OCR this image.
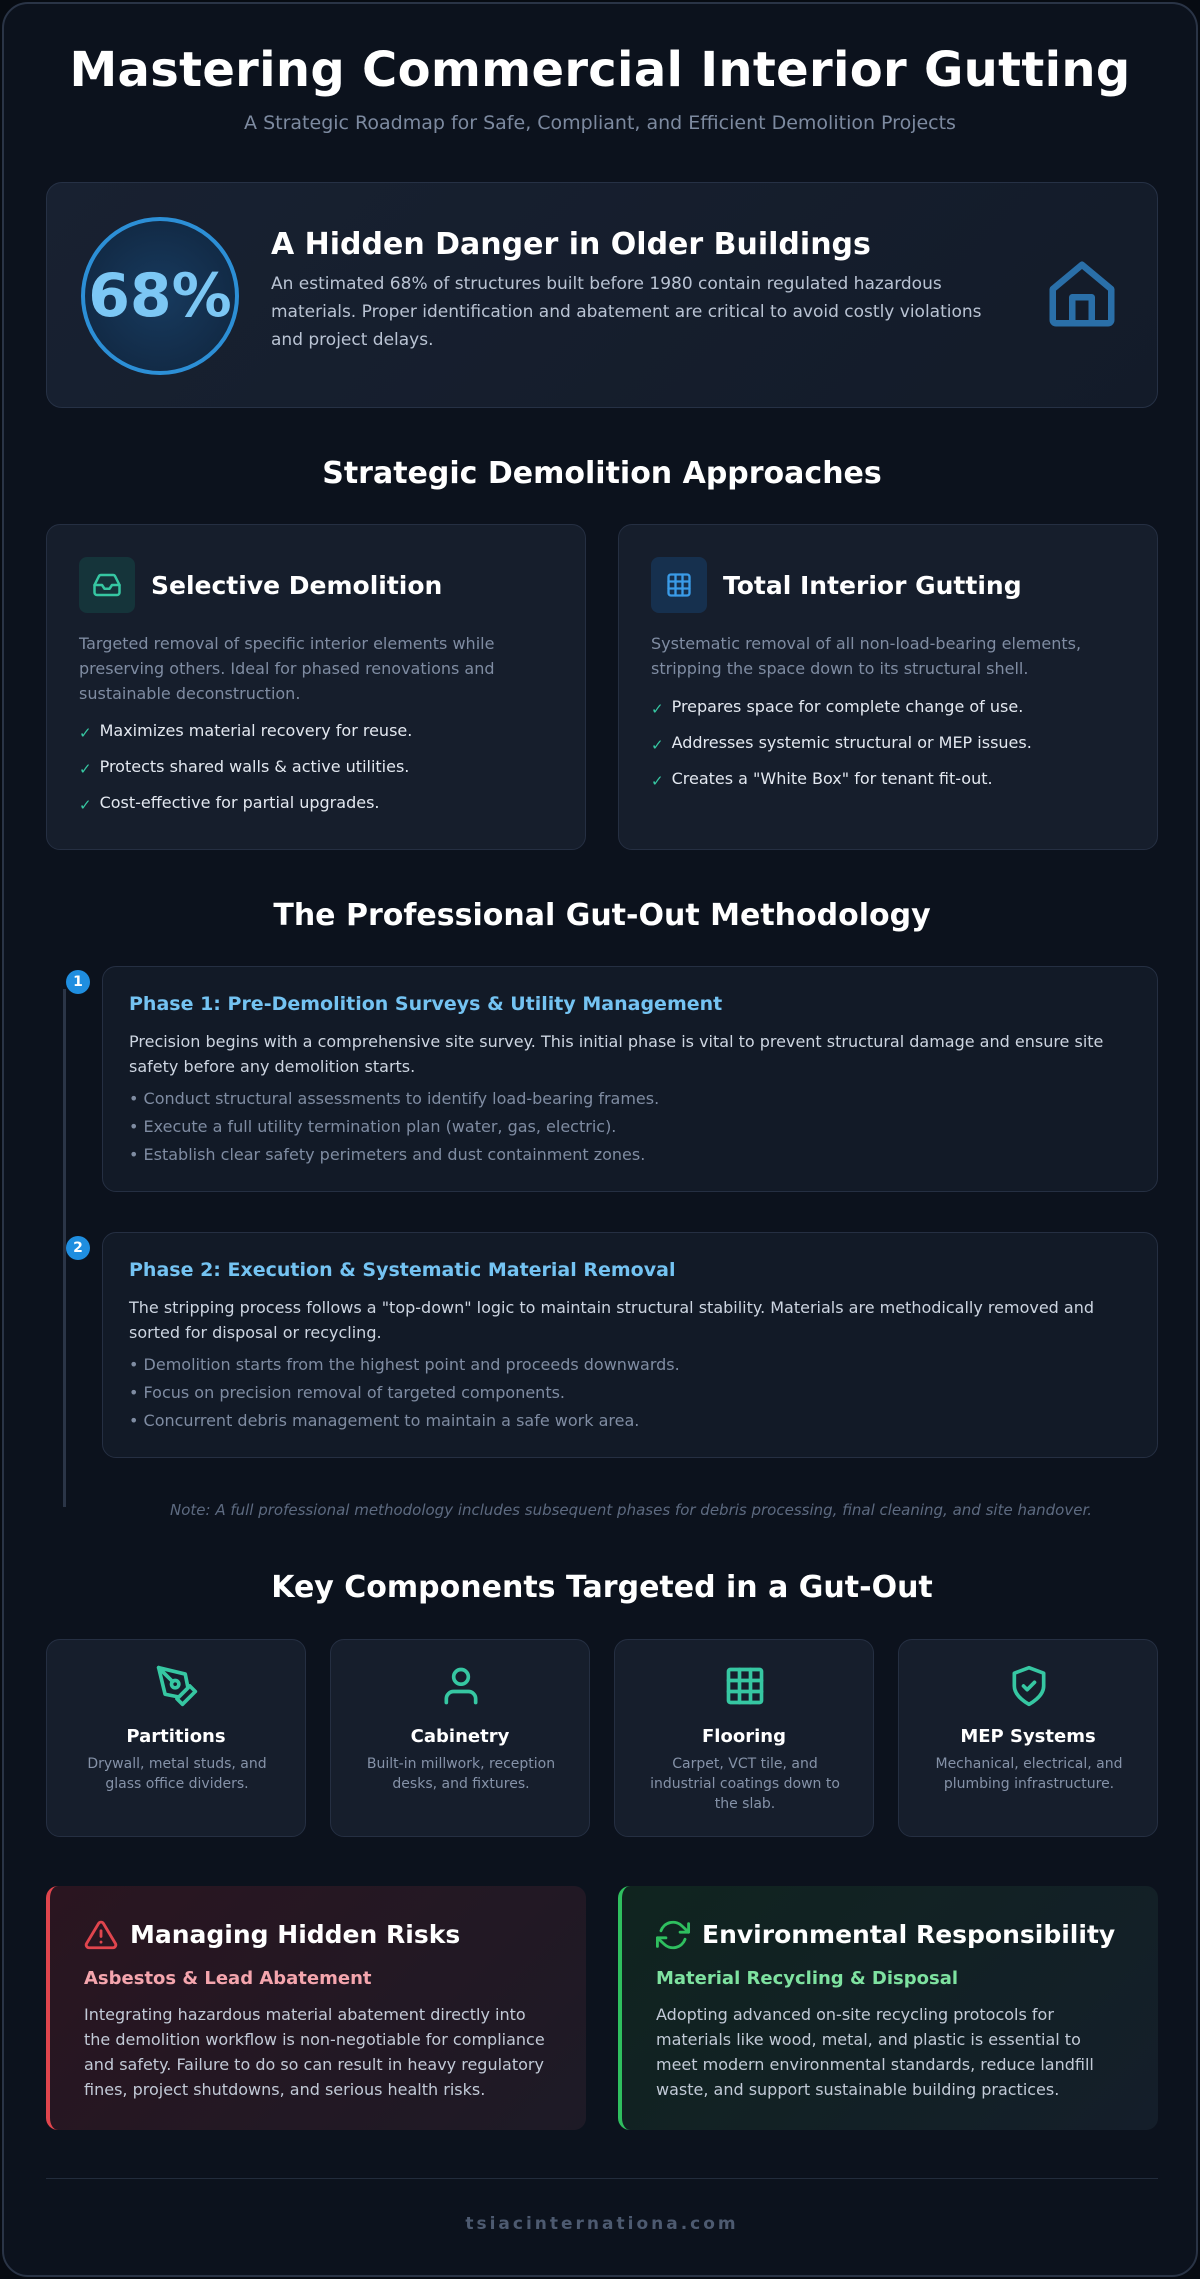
Mastering Commercial Interior Gutting
A Strategic Roadmap for Safe, Compliant, and Efficient Demolition Projects
68%
A Hidden Danger in Older Buildings
An estimated 68% of structures built before 1980 contain regulated hazardous materials. Proper identification and abatement are critical to avoid costly violations and project delays.
Strategic Demolition Approaches
Selective Demolition
Targeted removal of specific interior elements while preserving others. Ideal for phased renovations and sustainable deconstruction.
✓ Maximizes material recovery for reuse.
✓ Protects shared walls & active utilities.
✓ Cost-effective for partial upgrades.
Total Interior Gutting
Systematic removal of all non-load-bearing elements, stripping the space down to its structural shell.
✓ Prepares space for complete change of use.
✓ Addresses systemic structural or MEP issues.
✓ Creates a "White Box" for tenant fit-out.
The Professional Gut-Out Methodology
1
Phase 1: Pre-Demolition Surveys & Utility Management
Precision begins with a comprehensive site survey. This initial phase is vital to prevent structural damage and ensure site safety before any demolition starts.
• Conduct structural assessments to identify load-bearing frames.
• Execute a full utility termination plan (water, gas, electric).
• Establish clear safety perimeters and dust containment zones.
2
Phase 2: Execution & Systematic Material Removal
The stripping process follows a "top-down" logic to maintain structural stability. Materials are methodically removed and sorted for disposal or recycling.
• Demolition starts from the highest point and proceeds downwards.
• Focus on precision removal of targeted components.
• Concurrent debris management to maintain a safe work area.
Note: A full professional methodology includes subsequent phases for debris processing, final cleaning, and site handover.
Key Components Targeted in a Gut-Out
Partitions
Drywall, metal studs, and glass office dividers.
Cabinetry
Built-in millwork, reception desks, and fixtures.
Flooring
Carpet, VCT tile, and industrial coatings down to the slab.
MEP Systems
Mechanical, electrical, and plumbing infrastructure.
Managing Hidden Risks
Asbestos & Lead Abatement
Integrating hazardous material abatement directly into the demolition workflow is non-negotiable for compliance and safety. Failure to do so can result in heavy regulatory fines, project shutdowns, and serious health risks.
Environmental Responsibility
Material Recycling & Disposal
Adopting advanced on-site recycling protocols for materials like wood, metal, and plastic is essential to meet modern environmental standards, reduce landfill waste, and support sustainable building practices.
tsiacinternationa.com
